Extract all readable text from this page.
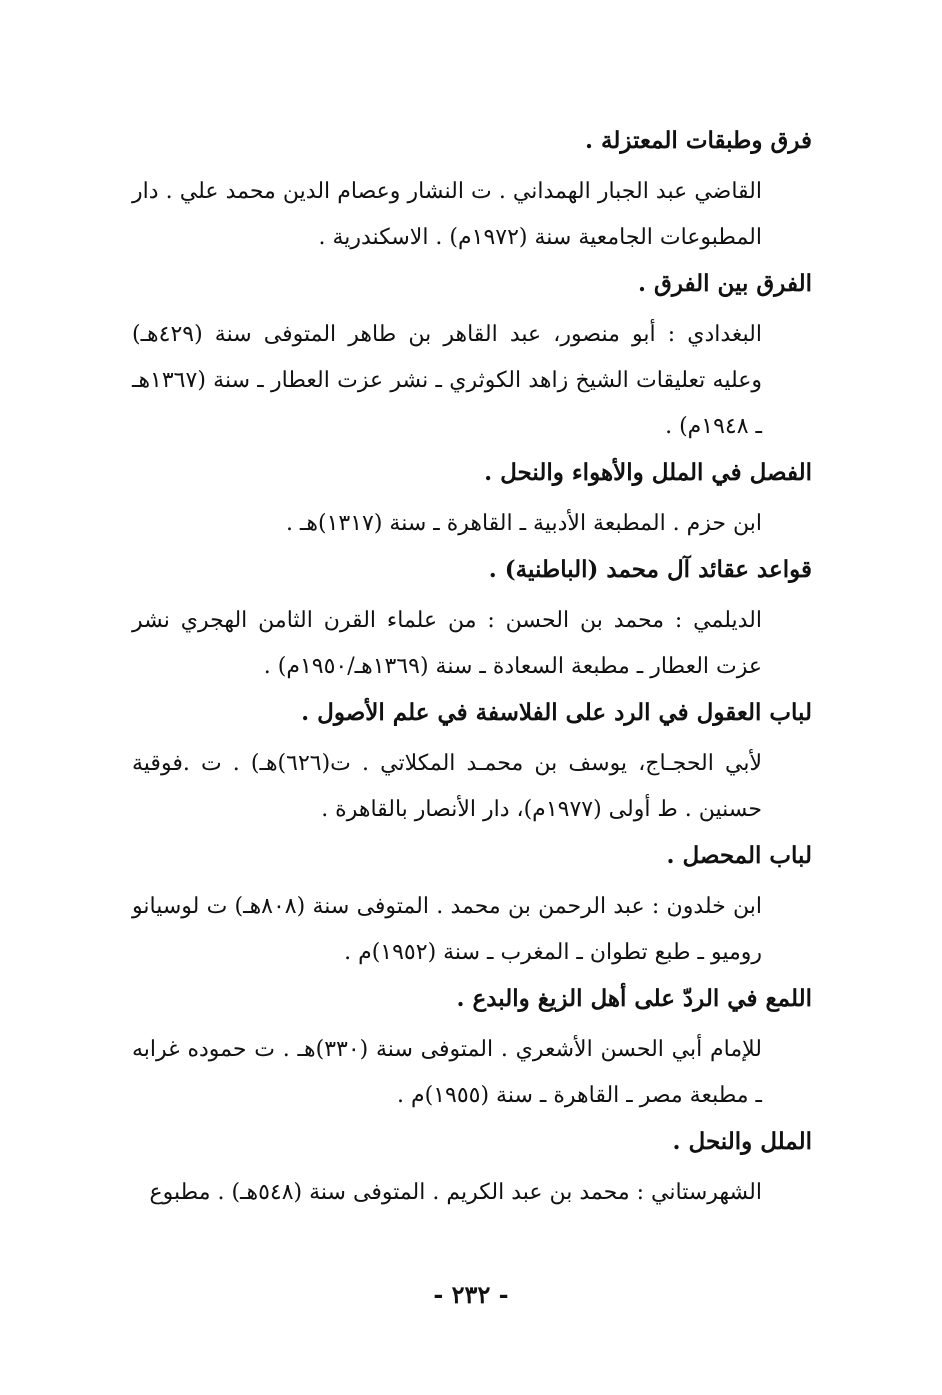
فرق وطبقات المعتزلة .
القاضي عبد الجبار الهمداني . ت النشار وعصام الدين محمد علي . دار المطبوعات الجامعية سنة (١٩٧٢م) . الاسكندرية .
الفرق بين الفرق .
البغدادي : أبو منصور، عبد القاهر بن طاهر المتوفى سنة (٤٢٩هـ) وعليه تعليقات الشيخ زاهد الكوثري ـ نشر عزت العطار ـ سنة (١٣٦٧هـ ـ ١٩٤٨م) .
الفصل في الملل والأهواء والنحل .
ابن حزم . المطبعة الأدبية ـ القاهرة ـ سنة (١٣١٧)هـ .
قواعد عقائد آل محمد (الباطنية) .
الديلمي : محمد بن الحسن : من علماء القرن الثامن الهجري نشر عزت العطار ـ مطبعة السعادة ـ سنة (١٣٦٩هـ/١٩٥٠م) .
لباب العقول في الرد على الفلاسفة في علم الأصول .
لأبي الحجـاج، يوسف بن محمـد المكلاتي . ت(٦٢٦)هـ) . ت .فوقية حسنين . ط أولى (١٩٧٧م)، دار الأنصار بالقاهرة .
لباب المحصل .
ابن خلدون : عبد الرحمن بن محمد . المتوفى سنة (٨٠٨هـ) ت لوسيانو روميو ـ طبع تطوان ـ المغرب ـ سنة (١٩٥٢)م .
اللمع في الردّ على أهل الزيغ والبدع .
للإمام أبي الحسن الأشعري . المتوفى سنة (٣٣٠)هـ . ت حموده غرابه ـ مطبعة مصر ـ القاهرة ـ سنة (١٩٥٥)م .
الملل والنحل .
الشهرستاني : محمد بن عبد الكريم . المتوفى سنة (٥٤٨هـ) . مطبوع
- ٢٣٢ -
